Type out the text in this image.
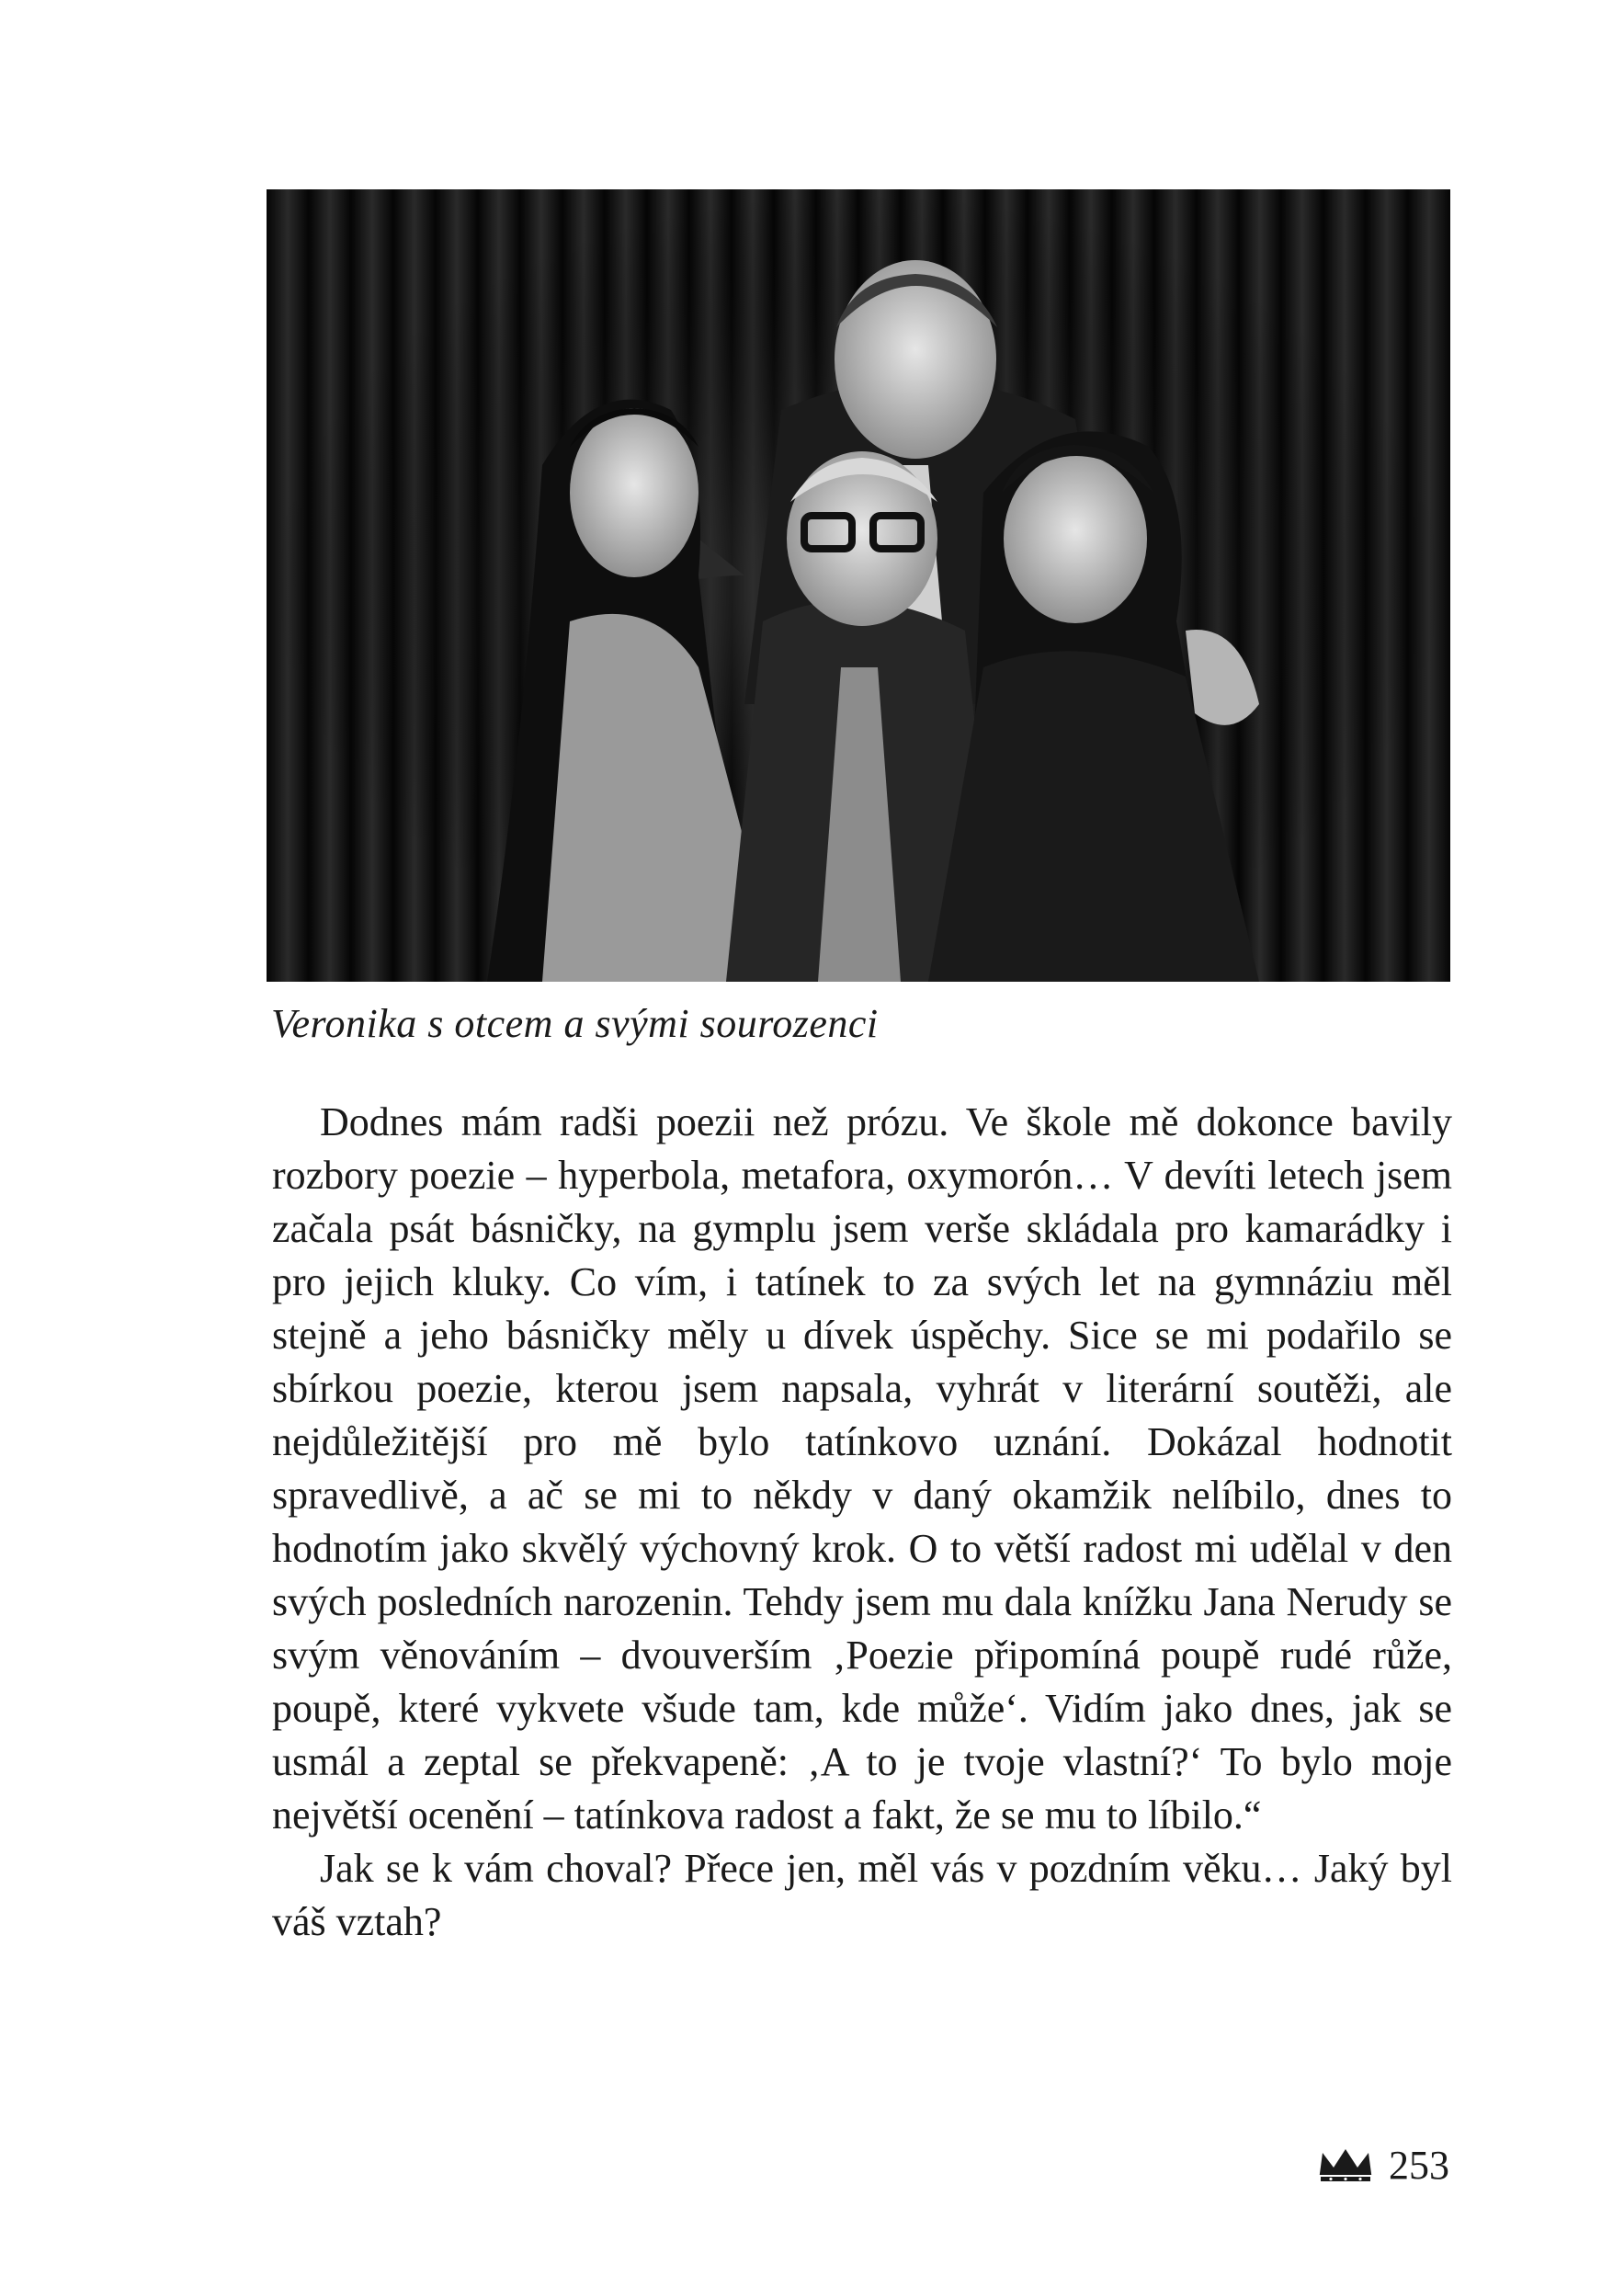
Veronika s otcem a svými sourozenci

Dodnes mám radši poezii než prózu. Ve škole mě dokonce bavily rozbory poezie – hyperbola, metafora, oxymorón… V devíti letech jsem začala psát básničky, na gymplu jsem verše skládala pro kamarádky i pro jejich kluky. Co vím, i tatínek to za svých let na gymnáziu měl stejně a jeho básničky měly u dívek úspěchy. Sice se mi podařilo se sbírkou poezie, kterou jsem napsala, vyhrát v literární soutěži, ale nejdůležitější pro mě bylo tatínkovo uznání. Dokázal hodnotit spravedlivě, a ač se mi to někdy v daný okamžik nelíbilo, dnes to hodnotím jako skvělý výchovný krok. O to větší radost mi udělal v den svých posledních narozenin. Tehdy jsem mu dala knížku Jana Nerudy se svým věnováním – dvouverším ‚Poezie připomíná poupě rudé růže, poupě, které vykvete všude tam, kde může‘. Vidím jako dnes, jak se usmál a zeptal se překvapeně: ‚A to je tvoje vlastní?‘ To bylo moje největší ocenění – tatínkova radost a fakt, že se mu to líbilo.“

Jak se k vám choval? Přece jen, měl vás v pozdním věku… Jaký byl váš vztah?

253
